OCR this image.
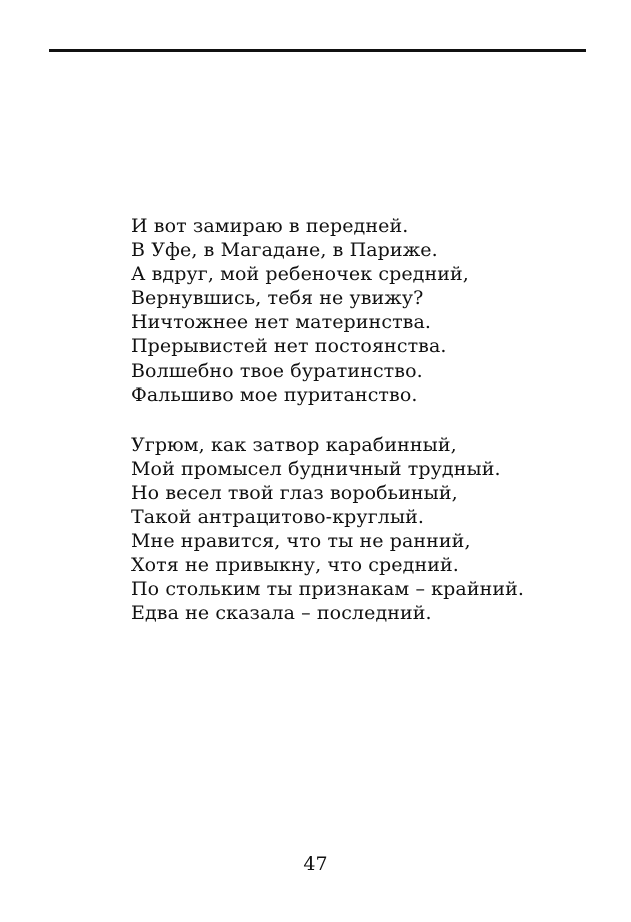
И вот замираю в передней.
В Уфе, в Магадане, в Париже.
А вдруг, мой ребеночек средний,
Вернувшись, тебя не увижу?
Ничтожнее нет материнства.
Прерывистей нет постоянства.
Волшебно твое буратинство.
Фальшиво мое пуританство.
Угрюм, как затвор карабинный,
Мой промысел будничный трудный.
Но весел твой глаз воробьиный,
Такой антрацитово-круглый.
Мне нравится, что ты не ранний,
Хотя не привыкну, что средний.
По стольким ты признакам – крайний.
Едва не сказала – последний.
47
